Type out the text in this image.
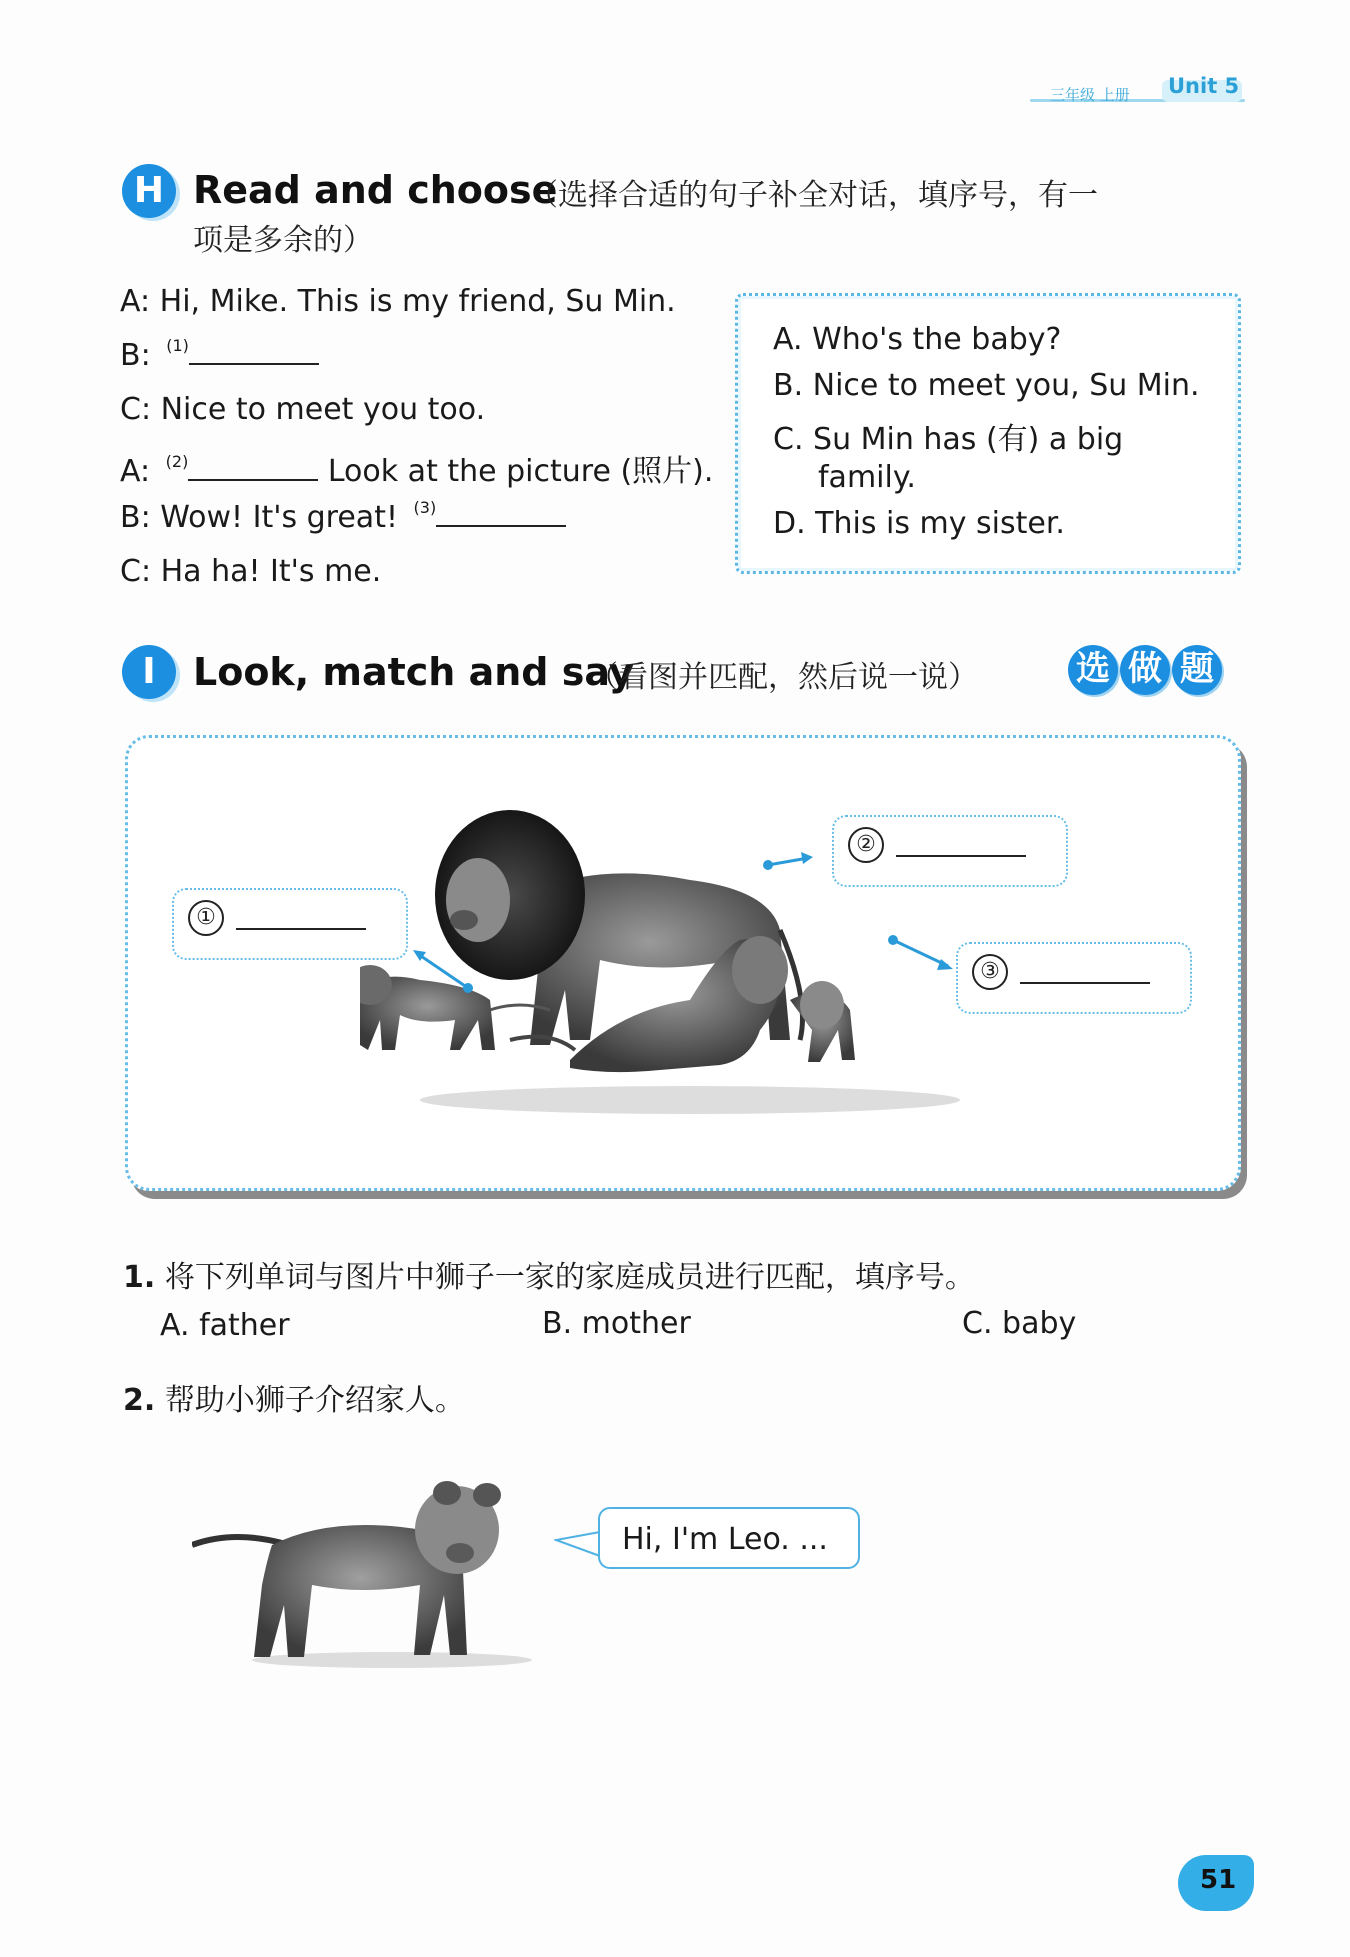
三年级 上册 Unit 5
H Read and choose
（选择合适的句子补全对话，填序号，有一
项是多余的）
A: Hi, Mike. This is my friend, Su Min.
B: $^{(1)}$
C: Nice to meet you too.
A: $^{(2)}$	Look at the picture (照片).
B: Wow! It's great! $^{(3)}$
C: Ha ha! It's me.
A. Who's the baby?
B. Nice to meet you, Su Min.
C. Su Min has (有) a big
family.
D. This is my sister.
I Look, match and say
（看图并匹配，然后说一说）	选 做 题
①
②
③
1. 将下列单词与图片中狮子一家的家庭成员进行匹配，填序号。
A. father	B. mother	C. baby
2. 帮助小狮子介绍家人。
Hi, I'm Leo. ...
51
